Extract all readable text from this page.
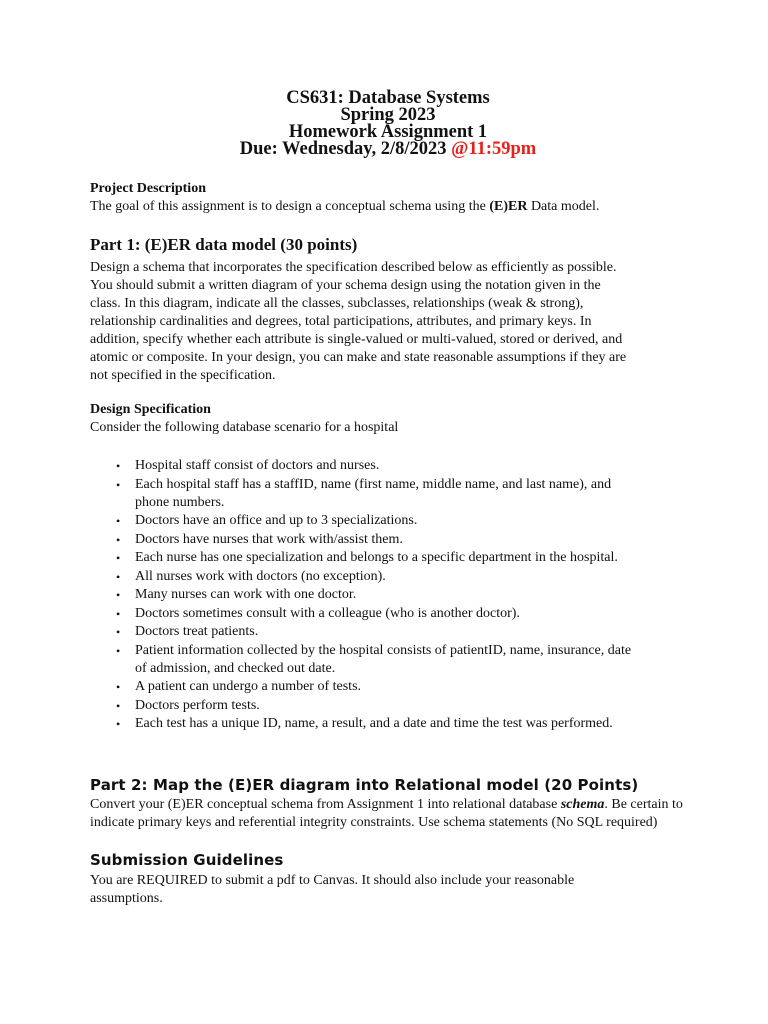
CS631: Database Systems
Spring 2023
Homework Assignment 1
Due: Wednesday, 2/8/2023 @11:59pm
Project Description

The goal of this assignment is to design a conceptual schema using the (E)ER Data model.

Part 1: (E)ER data model (30 points)
Design a schema that incorporates the specification described below as efficiently as possible.
You should submit a written diagram of your schema design using the notation given in the
class. In this diagram, indicate all the classes, subclasses, relationships (weak & strong),
relationship cardinalities and degrees, total participations, attributes, and primary keys. In
addition, specify whether each attribute is single-valued or multi-valued, stored or derived, and
atomic or composite. In your design, you can make and state reasonable assumptions if they are
not specified in the specification.
Design Specification
Consider the following database scenario for a hospital
• Hospital staff consist of doctors and nurses.
• Each hospital staff has a staffID, name (first name, middle name, and last name), and
phone numbers.
• Doctors have an office and up to 3 specializations.
• Doctors have nurses that work with/assist them.
• Each nurse has one specialization and belongs to a specific department in the hospital.
• All nurses work with doctors (no exception).
• Many nurses can work with one doctor.
• Doctors sometimes consult with a colleague (who is another doctor).
• Doctors treat patients.
• Patient information collected by the hospital consists of patientID, name, insurance, date
of admission, and checked out date.
• A patient can undergo a number of tests.
• Doctors perform tests.
• Each test has a unique ID, name, a result, and a date and time the test was performed.
Part 2: Map the (E)ER diagram into Relational model (20 Points)
Convert your (E)ER conceptual schema from Assignment 1 into relational database schema. Be certain to
indicate primary keys and referential integrity constraints. Use schema statements (No SQL required)
Submission Guidelines
You are REQUIRED to submit a pdf to Canvas. It should also include your reasonable
assumptions.
